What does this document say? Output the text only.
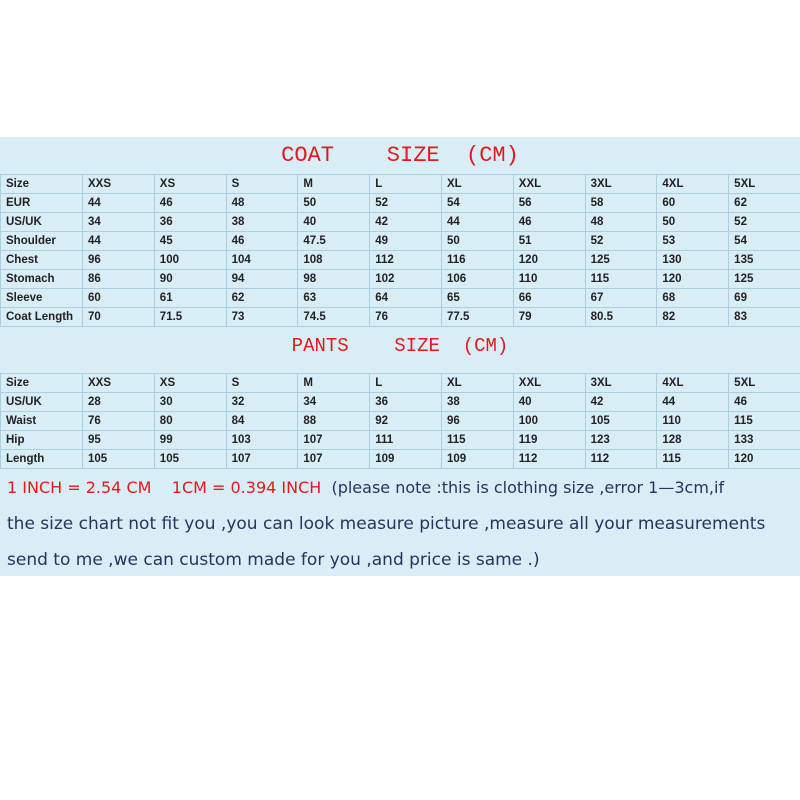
COAT    SIZE  (CM)
Size	XXS	XS	S	M	L	XL	XXL	3XL	4XL	5XL
EUR	44	46	48	50	52	54	56	58	60	62
US/UK	34	36	38	40	42	44	46	48	50	52
Shoulder	44	45	46	47.5	49	50	51	52	53	54
Chest	96	100	104	108	112	116	120	125	130	135
Stomach	86	90	94	98	102	106	110	115	120	125
Sleeve	60	61	62	63	64	65	66	67	68	69
Coat Length	70	71.5	73	74.5	76	77.5	79	80.5	82	83
PANTS    SIZE  (CM)
Size	XXS	XS	S	M	L	XL	XXL	3XL	4XL	5XL
US/UK	28	30	32	34	36	38	40	42	44	46
Waist	76	80	84	88	92	96	100	105	110	115
Hip	95	99	103	107	111	115	119	123	128	133
Length	105	105	107	107	109	109	112	112	115	120
1 INCH = 2.54 CM    1CM = 0.394 INCH  (please note :this is clothing size ,error 1—3cm,if
the size chart not fit you ,you can look measure picture ,measure all your measurements
send to me ,we can custom made for you ,and price is same .)
